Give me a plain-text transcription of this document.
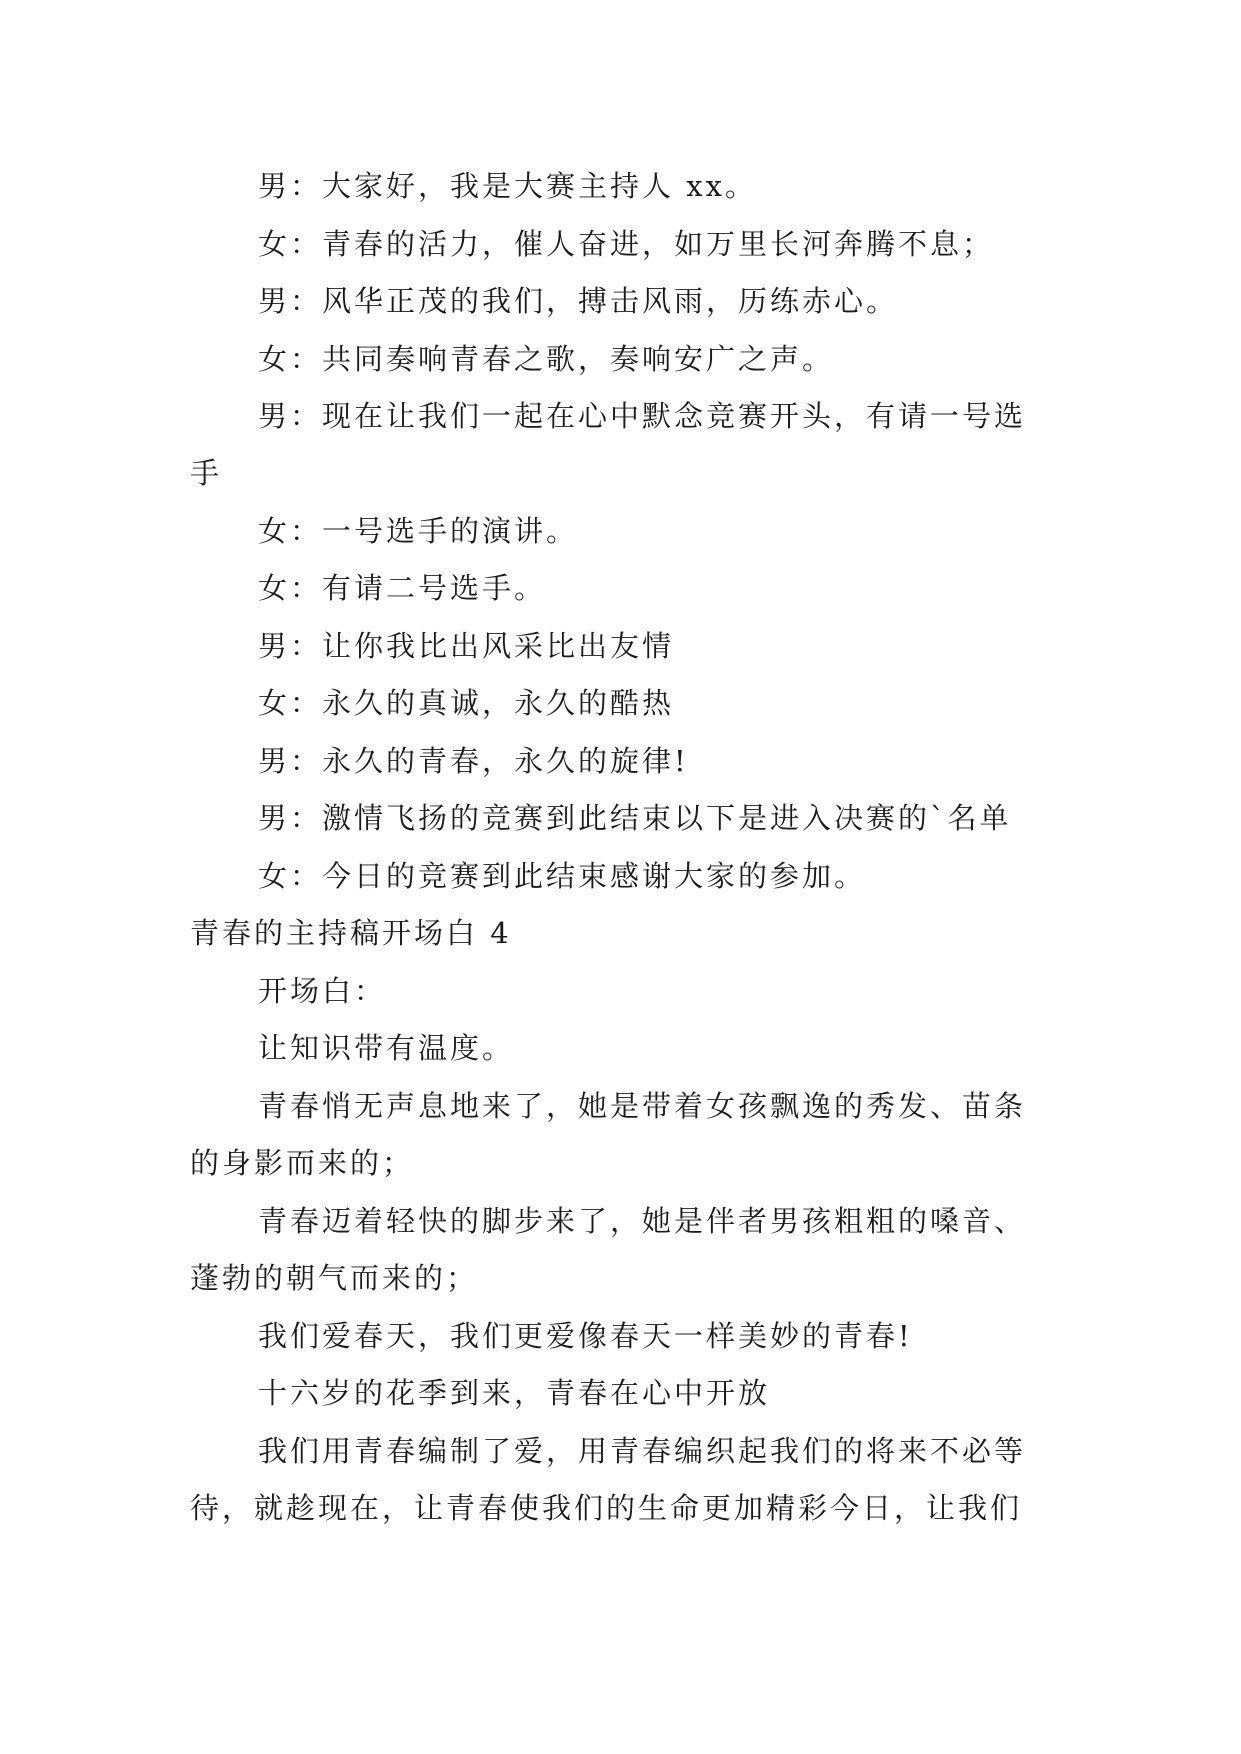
男：大家好，我是大赛主持人 xx。
女：青春的活力，催人奋进，如万里长河奔腾不息；
男：风华正茂的我们，搏击风雨，历练赤心。
女：共同奏响青春之歌，奏响安广之声。
男：现在让我们一起在心中默念竞赛开头，有请一号选
手
女：一号选手的演讲。
女：有请二号选手。
男：让你我比出风采比出友情
女：永久的真诚，永久的酷热
男：永久的青春，永久的旋律!
男：激情飞扬的竞赛到此结束以下是进入决赛的`名单
女：今日的竞赛到此结束感谢大家的参加。
青春的主持稿开场白 4
开场白：
让知识带有温度。
青春悄无声息地来了，她是带着女孩飘逸的秀发、苗条
的身影而来的；
青春迈着轻快的脚步来了，她是伴者男孩粗粗的嗓音、
蓬勃的朝气而来的；
我们爱春天，我们更爱像春天一样美妙的青春!
十六岁的花季到来，青春在心中开放
我们用青春编制了爱，用青春编织起我们的将来不必等
待，就趁现在，让青春使我们的生命更加精彩今日，让我们
